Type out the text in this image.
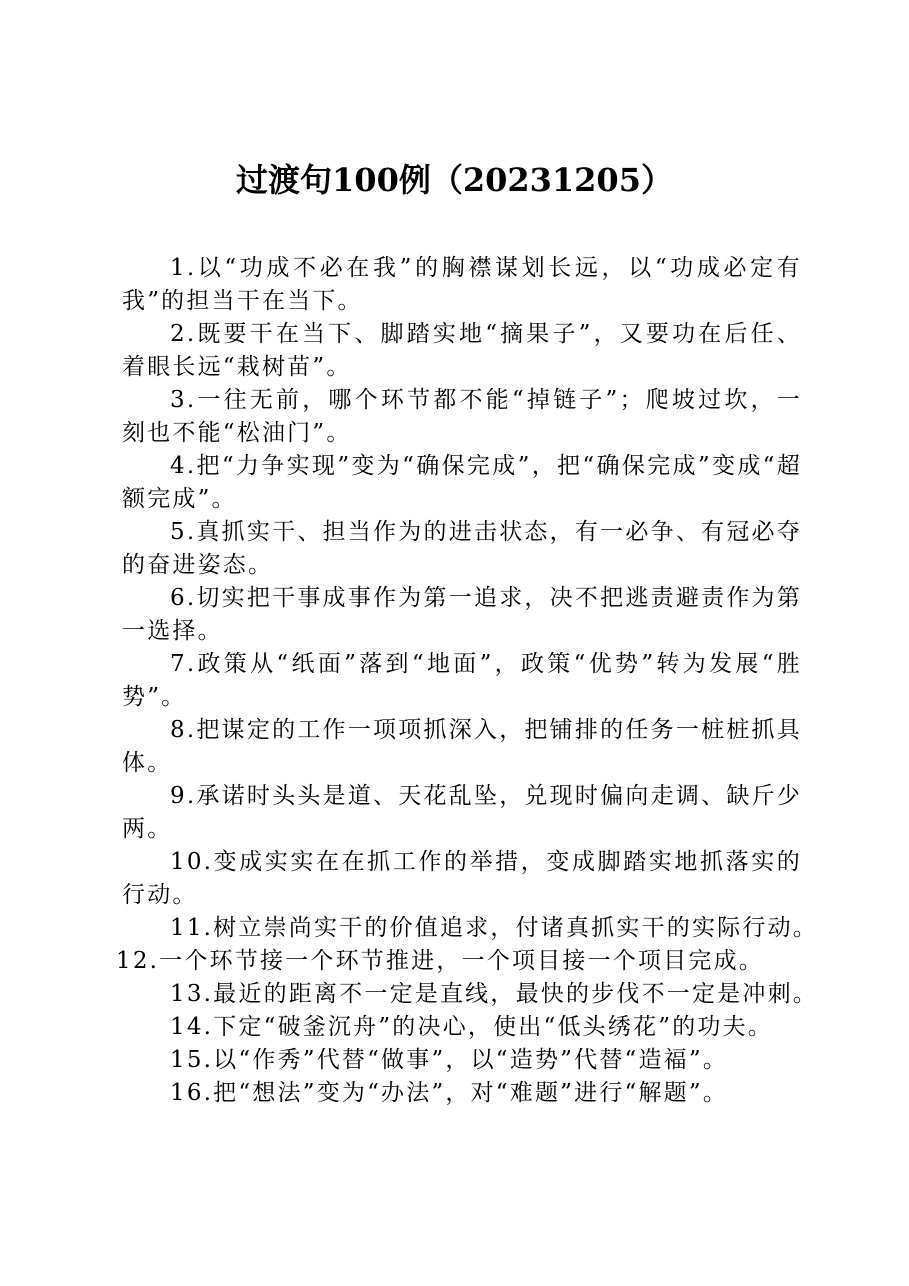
过渡句100例（20231205）

1.以“功成不必在我”的胸襟谋划长远，以“功成必定有我”的担当干在当下。

2.既要干在当下、脚踏实地“摘果子”，又要功在后任、着眼长远“栽树苗”。

3.一往无前，哪个环节都不能“掉链子”；爬坡过坎，一刻也不能“松油门”。

4.把“力争实现”变为“确保完成”，把“确保完成”变成“超额完成”。

5.真抓实干、担当作为的进击状态，有一必争、有冠必夺的奋进姿态。

6.切实把干事成事作为第一追求，决不把逃责避责作为第一选择。

7.政策从“纸面”落到“地面”，政策“优势”转为发展“胜势”。

8.把谋定的工作一项项抓深入，把铺排的任务一桩桩抓具体。

9.承诺时头头是道、天花乱坠，兑现时偏向走调、缺斤少两。

10.变成实实在在抓工作的举措，变成脚踏实地抓落实的行动。

11.树立崇尚实干的价值追求，付诸真抓实干的实际行动。

12.一个环节接一个环节推进，一个项目接一个项目完成。

13.最近的距离不一定是直线，最快的步伐不一定是冲刺。

14.下定“破釜沉舟”的决心，使出“低头绣花”的功夫。

15.以“作秀”代替“做事”，以“造势”代替“造福”。

16.把“想法”变为“办法”，对“难题”进行“解题”。
